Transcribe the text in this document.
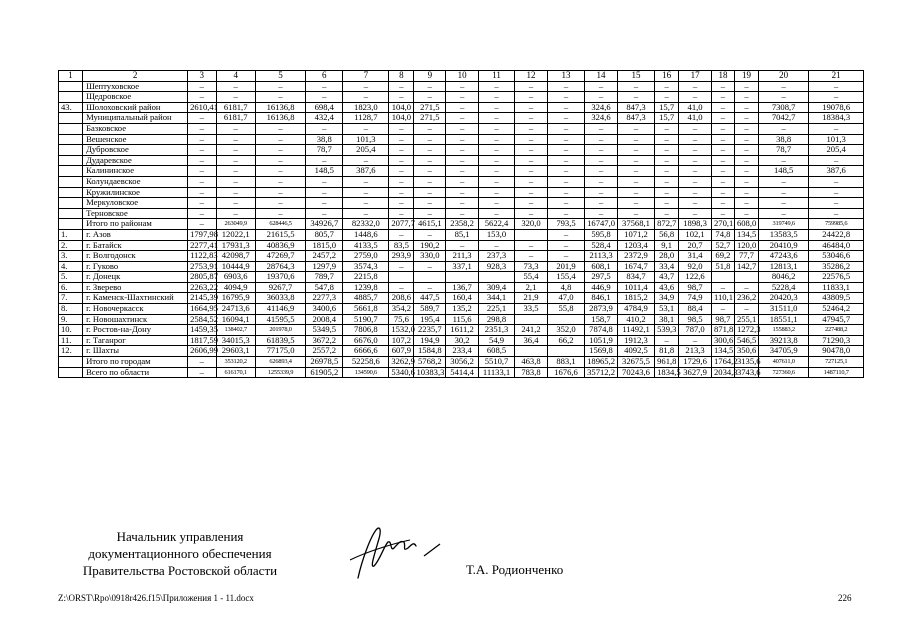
1	2	3	4	5	6	7	8	9	10	11	12	13	14	15	16	17	18	19	20	21
	Шептуховское	–	–	–	–	–	–	–	–	–	–	–	–	–	–	–	–	–	–	–
	Щедровское	–	–	–	–	–	–	–	–	–	–	–	–	–	–	–	–	–	–	–
43.	Шолоховский район	2610,41	6181,7	16136,8	698,4	1823,0	104,0	271,5	–	–	–	–	324,6	847,3	15,7	41,0	–	–	7308,7	19078,6
	Муниципальный район	–	6181,7	16136,8	432,4	1128,7	104,0	271,5	–	–	–	–	324,6	847,3	15,7	41,0	–	–	7042,7	18384,3
	Базковское	–	–	–	–	–	–	–	–	–	–	–	–	–	–	–	–	–	–	–
	Вешенское	–	–	–	38,8	101,3	–	–	–	–	–	–	–	–	–	–	–	–	38,8	101,3
	Дубровское	–	–	–	78,7	205,4	–	–	–	–	–	–	–	–	–	–	–	–	78,7	205,4
	Дударевское	–	–	–	–	–	–	–	–	–	–	–	–	–	–	–	–	–	–	–
	Калининское	–	–	–	148,5	387,6	–	–	–	–	–	–	–	–	–	–	–	–	148,5	387,6
	Колундаевское	–	–	–	–	–	–	–	–	–	–	–	–	–	–	–	–	–	–	–
	Кружилинское	–	–	–	–	–	–	–	–	–	–	–	–	–	–	–	–	–	–	–
	Меркуловское	–	–	–	–	–	–	–	–	–	–	–	–	–	–	–	–	–	–	–
	Терновское	–	–	–	–	–	–	–	–	–	–	–	–	–	–	–	–	–	–	–
	Итого по районам	–	263049,9	628446,5	34926,7	82332,0	2077,7	4615,1	2358,2	5622,4	320,0	793,5	16747,0	37568,1	872,7	1898,3	270,1	608,0	319749,6	759985,6
1.	г. Азов	1797,98	12022,1	21615,5	805,7	1448,6	–	–	85,1	153,0		–	595,8	1071,2	56,8	102,1	74,8	134,5	13583,5	24422,8
2.	г. Батайск	2277,41	17931,3	40836,9	1815,0	4133,5	83,5	190,2	–	–	–	–	528,4	1203,4	9,1	20,7	52,7	120,0	20410,9	46484,0
3.	г. Волгодонск	1122,83	42098,7	47269,7	2457,2	2759,0	293,9	330,0	211,3	237,3	–	–	2113,3	2372,9	28,0	31,4	69,2	77,7	47243,6	53046,6
4.	г. Гуково	2753,91	10444,9	28764,3	1297,9	3574,3	–	–	337,1	928,3	73,3	201,9	608,1	1674,7	33,4	92,0	51,8	142,7	12813,1	35286,2
5.	г. Донецк	2805,87	6903,6	19370,6	789,7	2215,8					55,4	155,4	297,5	834,7	43,7	122,6			8046,2	22576,5
6.	г. Зверево	2263,22	4094,9	9267,7	547,8	1239,8	–	–	136,7	309,4	2,1	4,8	446,9	1011,4	43,6	98,7	–	–	5228,4	11833,1
7.	г. Каменск-Шахтинский	2145,39	16795,9	36033,8	2277,3	4885,7	208,6	447,5	160,4	344,1	21,9	47,0	846,1	1815,2	34,9	74,9	110,1	236,2	20420,3	43809,5
8.	г. Новочеркасск	1664,95	24713,6	41146,9	3400,6	5661,8	354,2	589,7	135,2	225,1	33,5	55,8	2873,9	4784,9	53,1	88,4	–	–	31511,0	52464,2
9.	г. Новошахтинск	2584,52	16094,1	41595,5	2008,4	5190,7	75,6	195,4	115,6	298,8			158,7	410,2	38,1	98,5	98,7	255,1	18551,1	47945,7
10.	г. Ростов-на-Дону	1459,35	138402,7	201978,0	5349,5	7806,8	1532,0	2235,7	1611,2	2351,3	241,2	352,0	7874,8	11492,1	539,3	787,0	871,8	1272,3	155883,2	227488,2
11.	г. Таганрог	1817,59	34015,3	61839,5	3672,2	6676,0	107,2	194,9	30,2	54,9	36,4	66,2	1051,9	1912,3	–	–	300,6	546,5	39213,8	71290,3
12.	г. Шахты	2606,99	29603,1	77175,0	2557,2	6666,6	607,9	1584,8	233,4	608,5			1569,8	4092,5	81,8	213,3	134,5	350,6	34705,9	90478,0
	Итого по городам	–	353120,2	626893,4	26978,5	52258,6	3262,9	5768,2	3056,2	5510,7	463,8	883,1	18965,2	32675,5	961,8	1729,6	1764,2	3135,6	407611,0	727125,1
	Всего по области	–	616170,1	1255339,9	61905,2	134590,6	5340,6	10383,3	5414,4	11133,1	783,8	1676,6	35712,2	70243,6	1834,5	3627,9	2034,3	3743,6	727360,6	1487110,7
Начальник управления
документационного обеспечения
Правительства Ростовской области	Т.А. Родионченко
Z:\ORST\Rpo\0918r426.f15\Приложения 1 - 11.docx	226
